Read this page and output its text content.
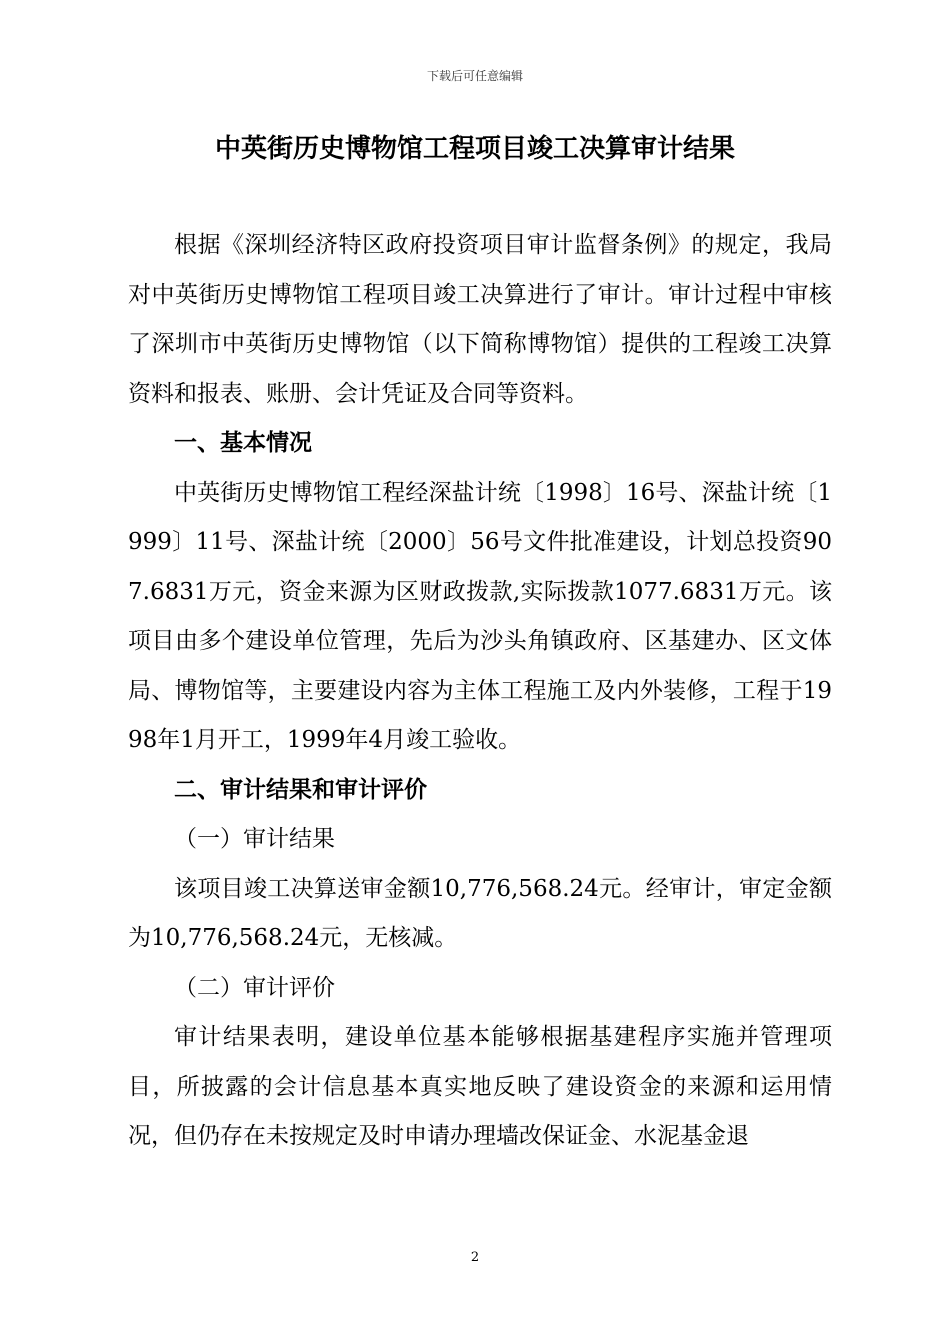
下载后可任意编辑
中英街历史博物馆工程项目竣工决算审计结果

根据《深圳经济特区政府投资项目审计监督条例》的规定，我局对中英街历史博物馆工程项目竣工决算进行了审计。审计过程中审核了深圳市中英街历史博物馆（以下简称博物馆）提供的工程竣工决算资料和报表、账册、会计凭证及合同等资料。

一、基本情况

中英街历史博物馆工程经深盐计统〔1998〕16号、深盐计统〔1999〕11号、深盐计统〔2000〕56号文件批准建设，计划总投资907.6831万元，资金来源为区财政拨款,实际拨款1077.6831万元。该项目由多个建设单位管理，先后为沙头角镇政府、区基建办、区文体局、博物馆等，主要建设内容为主体工程施工及内外装修，工程于1998年1月开工，1999年4月竣工验收。

二、审计结果和审计评价

（一）审计结果

该项目竣工决算送审金额10,776,568.24元。经审计，审定金额为10,776,568.24元，无核减。

（二）审计评价

审计结果表明，建设单位基本能够根据基建程序实施并管理项目，所披露的会计信息基本真实地反映了建设资金的来源和运用情况，但仍存在未按规定及时申请办理墙改保证金、水泥基金退

2
